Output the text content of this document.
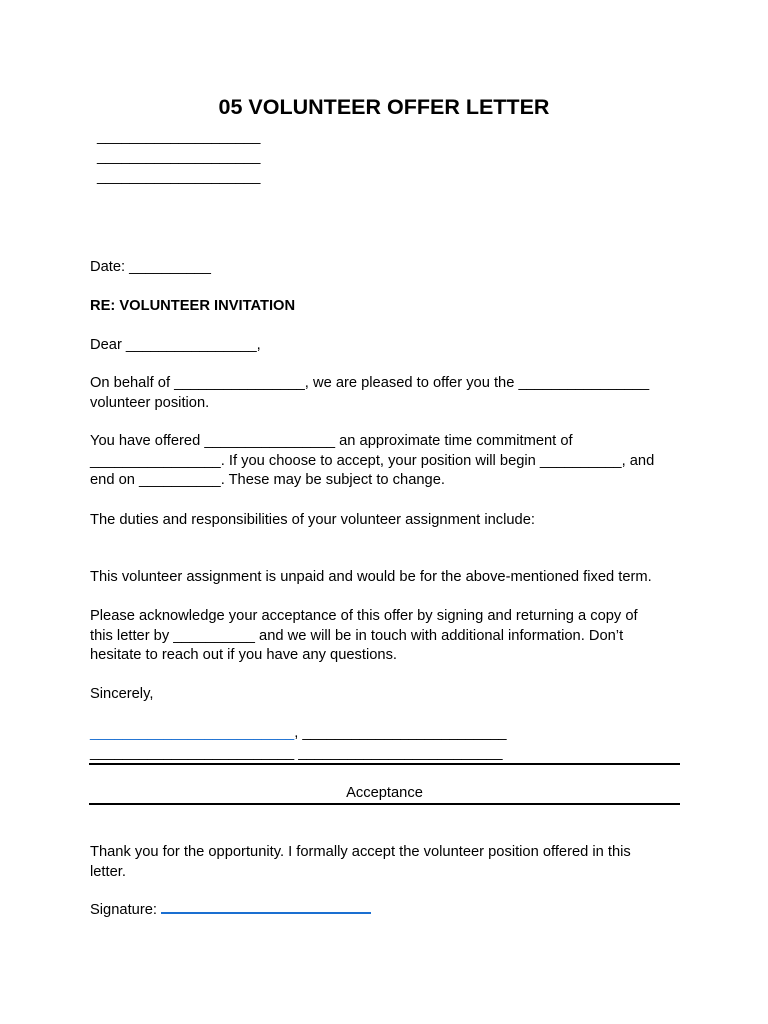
05 VOLUNTEER OFFER LETTER
____________________
____________________
____________________
Date: __________
RE: VOLUNTEER INVITATION
Dear ________________,
On behalf of ________________, we are pleased to offer you the ________________
volunteer position.
You have offered ________________ an approximate time commitment of
________________. If you choose to accept, your position will begin __________, and
end on __________. These may be subject to change.
The duties and responsibilities of your volunteer assignment include:
This volunteer assignment is unpaid and would be for the above-mentioned fixed term.
Please acknowledge your acceptance of this offer by signing and returning a copy of
this letter by __________ and we will be in touch with additional information. Don’t
hesitate to reach out if you have any questions.
Sincerely,
_________________________, _________________________
_________________________ _________________________
Acceptance
Thank you for the opportunity. I formally accept the volunteer position offered in this
letter.
Signature:
